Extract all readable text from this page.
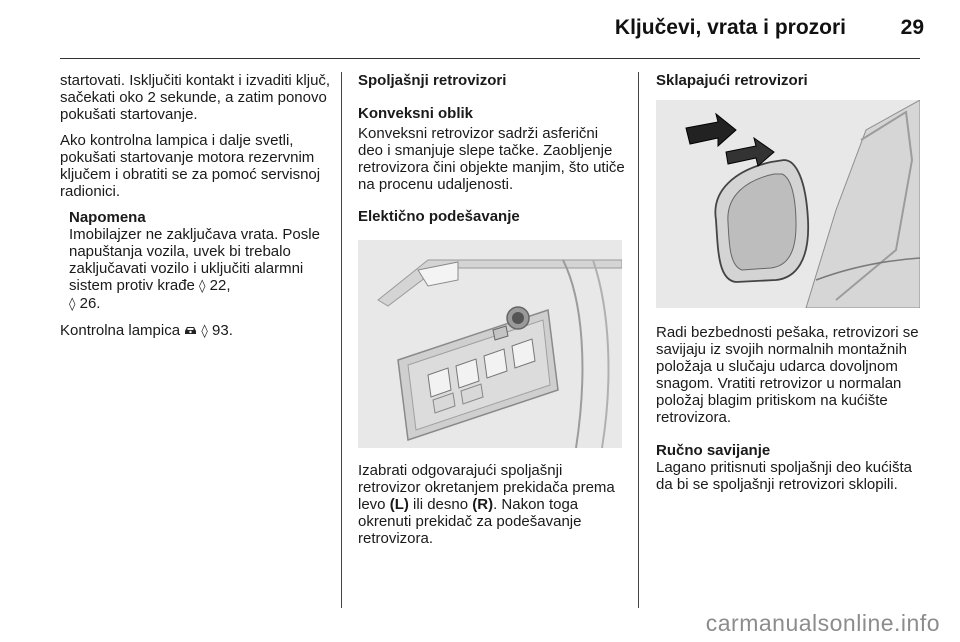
Ključevi, vrata i prozori	29

startovati. Isključiti kontakt i izvaditi ključ, sačekati oko 2 sekunde, a zatim ponovo pokušati startovanje.

Ako kontrolna lampica i dalje svetli, pokušati startovanje motora rezervnim ključem i obratiti se za pomoć servisnoj radionici.

Napomena

Imobilajzer ne zaključava vrata. Posle napuštanja vozila, uvek bi trebalo zaključavati vozilo i uključiti alarmni sistem protiv krađe ◊ 22,
◊ 26.

Kontrolna lampica ◊ 93.

Spoljašnji retrovizori

Konveksni oblik

Konveksni retrovizor sadrži asferični deo i smanjuje slepe tačke. Zaobljenje retrovizora čini objekte manjim, što utiče na procenu udaljenosti.

Elektično podešavanje

Izabrati odgovarajući spoljašnji retrovizor okretanjem prekidača prema levo (L) ili desno (R). Nakon toga okrenuti prekidač za podešavanje retrovizora.

Sklapajući retrovizori

Radi bezbednosti pešaka, retrovizori se savijaju iz svojih normalnih montažnih položaja u slučaju udarca dovoljnom snagom. Vratiti retrovizor u normalan položaj blagim pritiskom na kućište retrovizora.

Ručno savijanje

Lagano pritisnuti spoljašnji deo kućišta da bi se spoljašnji retrovizori sklopili.

carmanualsonline.info
